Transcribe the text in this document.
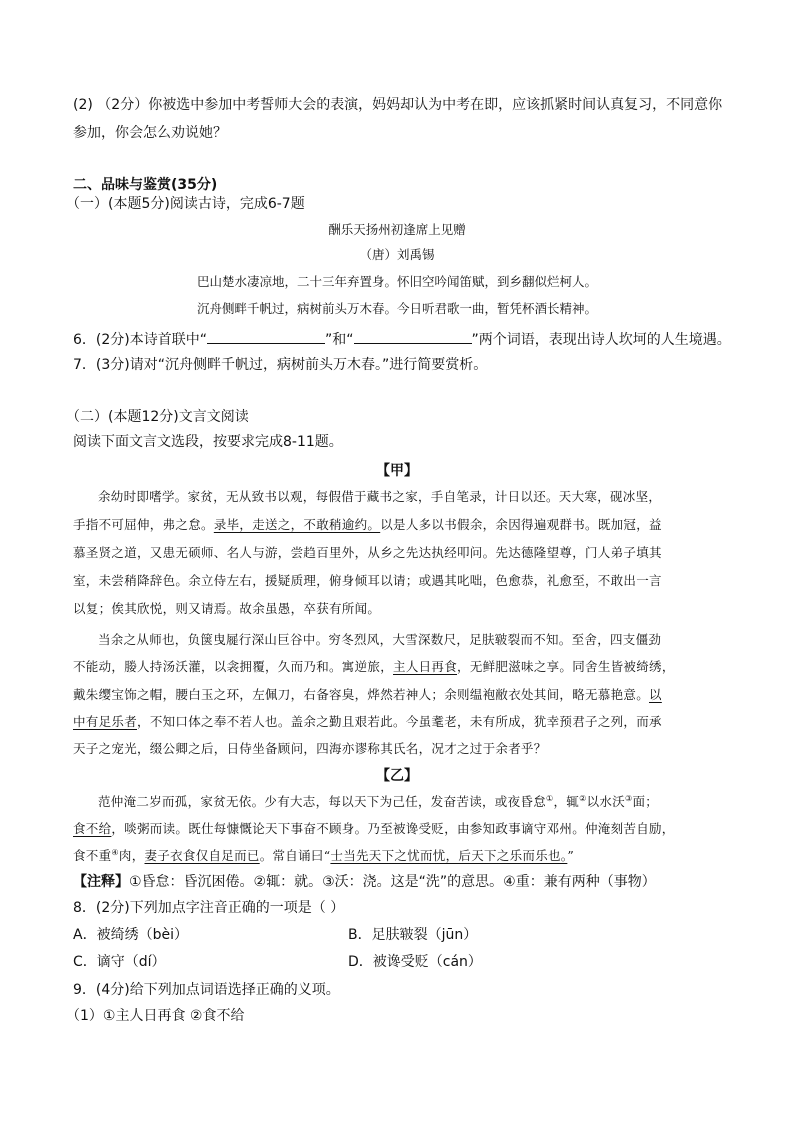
(2) （2分）你被选中参加中考誓师大会的表演，妈妈却认为中考在即，应该抓紧时间认真复习，不同意你
参加，你会怎么劝说她？
二、品味与鉴赏(35分)
（一）(本题5分)阅读古诗，完成6-7题
酬乐天扬州初逢席上见赠
（唐）刘禹锡
巴山楚水凄凉地，二十三年弃置身。怀旧空吟闻笛赋，到乡翻似烂柯人。
沉舟侧畔千帆过，病树前头万木春。今日听君歌一曲，暂凭杯酒长精神。
6．(2分)本诗首联中“	”和“	”两个词语，表现出诗人坎坷的人生境遇。
7．(3分)请对“沉舟侧畔千帆过，病树前头万木春。”进行简要赏析。
（二）(本题12分)文言文阅读
阅读下面文言文选段，按要求完成8-11题。
【甲】
余幼时即嗜学。家贫，无从致书以观，每假借于藏书之家，手自笔录，计日以还。天大寒，砚冰坚，
手指不可屈伸，弗之怠。录毕，走送之，不敢稍逾约。以是人多以书假余，余因得遍观群书。既加冠，益
慕圣贤之道，又患无硕师、名人与游，尝趋百里外，从乡之先达执经叩问。先达德隆望尊，门人弟子填其
室，未尝稍降辞色。余立侍左右，援疑质理，俯身倾耳以请；或遇其叱咄，色愈恭，礼愈至，不敢出一言
以复；俟其欣悦，则又请焉。故余虽愚，卒获有所闻。
当余之从师也，负箧曳屣行深山巨谷中。穷冬烈风，大雪深数尺，足肤皲裂而不知。至舍，四支僵劲
不能动，媵人持汤沃灌，以衾拥覆，久而乃和。寓逆旅，主人日再食，无鲜肥滋味之享。同舍生皆被绮绣，
戴朱缨宝饰之帽，腰白玉之环，左佩刀，右备容臭，烨然若神人；余则缊袍敝衣处其间，略无慕艳意。以
中有足乐者，不知口体之奉不若人也。盖余之勤且艰若此。今虽耄老，未有所成，犹幸预君子之列，而承
天子之宠光，缀公卿之后，日侍坐备顾问，四海亦谬称其氏名，况才之过于余者乎？
【乙】
范仲淹二岁而孤，家贫无依。少有大志，每以天下为己任，发奋苦读，或夜昏怠①，辄②以水沃③面；
食不给，啖粥而读。既仕每慷慨论天下事奋不顾身。乃至被谗受贬，由参知政事谪守邓州。仲淹刻苦自励，
食不重④肉，妻子衣食仅自足而已。常自诵曰“士当先天下之忧而忧，后天下之乐而乐也。”
【注释】①昏怠：昏沉困倦。②辄：就。③沃：浇。这是“洗”的意思。④重：兼有两种（事物）
8．(2分)下列加点字注音正确的一项是（ ）
A．被绮绣（bèi）	B．足肤皲裂（jūn）
C．谪守（dí）	D．被谗受贬（cán）
9．(4分)给下列加点词语选择正确的义项。
（1）①主人日再食 ②食不给
